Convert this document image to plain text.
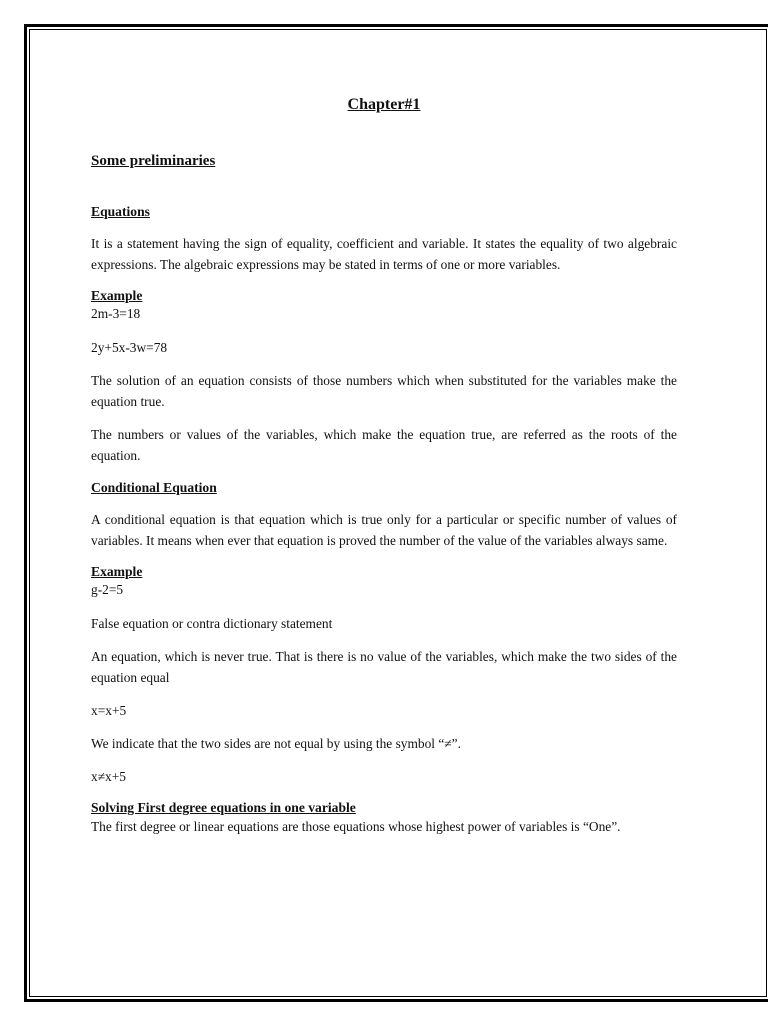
Chapter#1
Some preliminaries
Equations

It is a statement having the sign of equality, coefficient and variable. It states the equality of two algebraic expressions. The algebraic expressions may be stated in terms of one or more variables.

Example

2m-3=18

2y+5x-3w=78

The solution of an equation consists of those numbers which when substituted for the variables make the equation true.

The numbers or values of the variables, which make the equation true, are referred as the roots of the equation.

Conditional Equation

A conditional equation is that equation which is true only for a particular or specific number of values of variables. It means when ever that equation is proved the number of the value of the variables always same.

Example

g-2=5

False equation or contra dictionary statement

An equation, which is never true. That is there is no value of the variables, which make the two sides of the equation equal

x=x+5

We indicate that the two sides are not equal by using the symbol “≠”.

x≠x+5

Solving First degree equations in one variable

The first degree or linear equations are those equations whose highest power of variables is “One”.
